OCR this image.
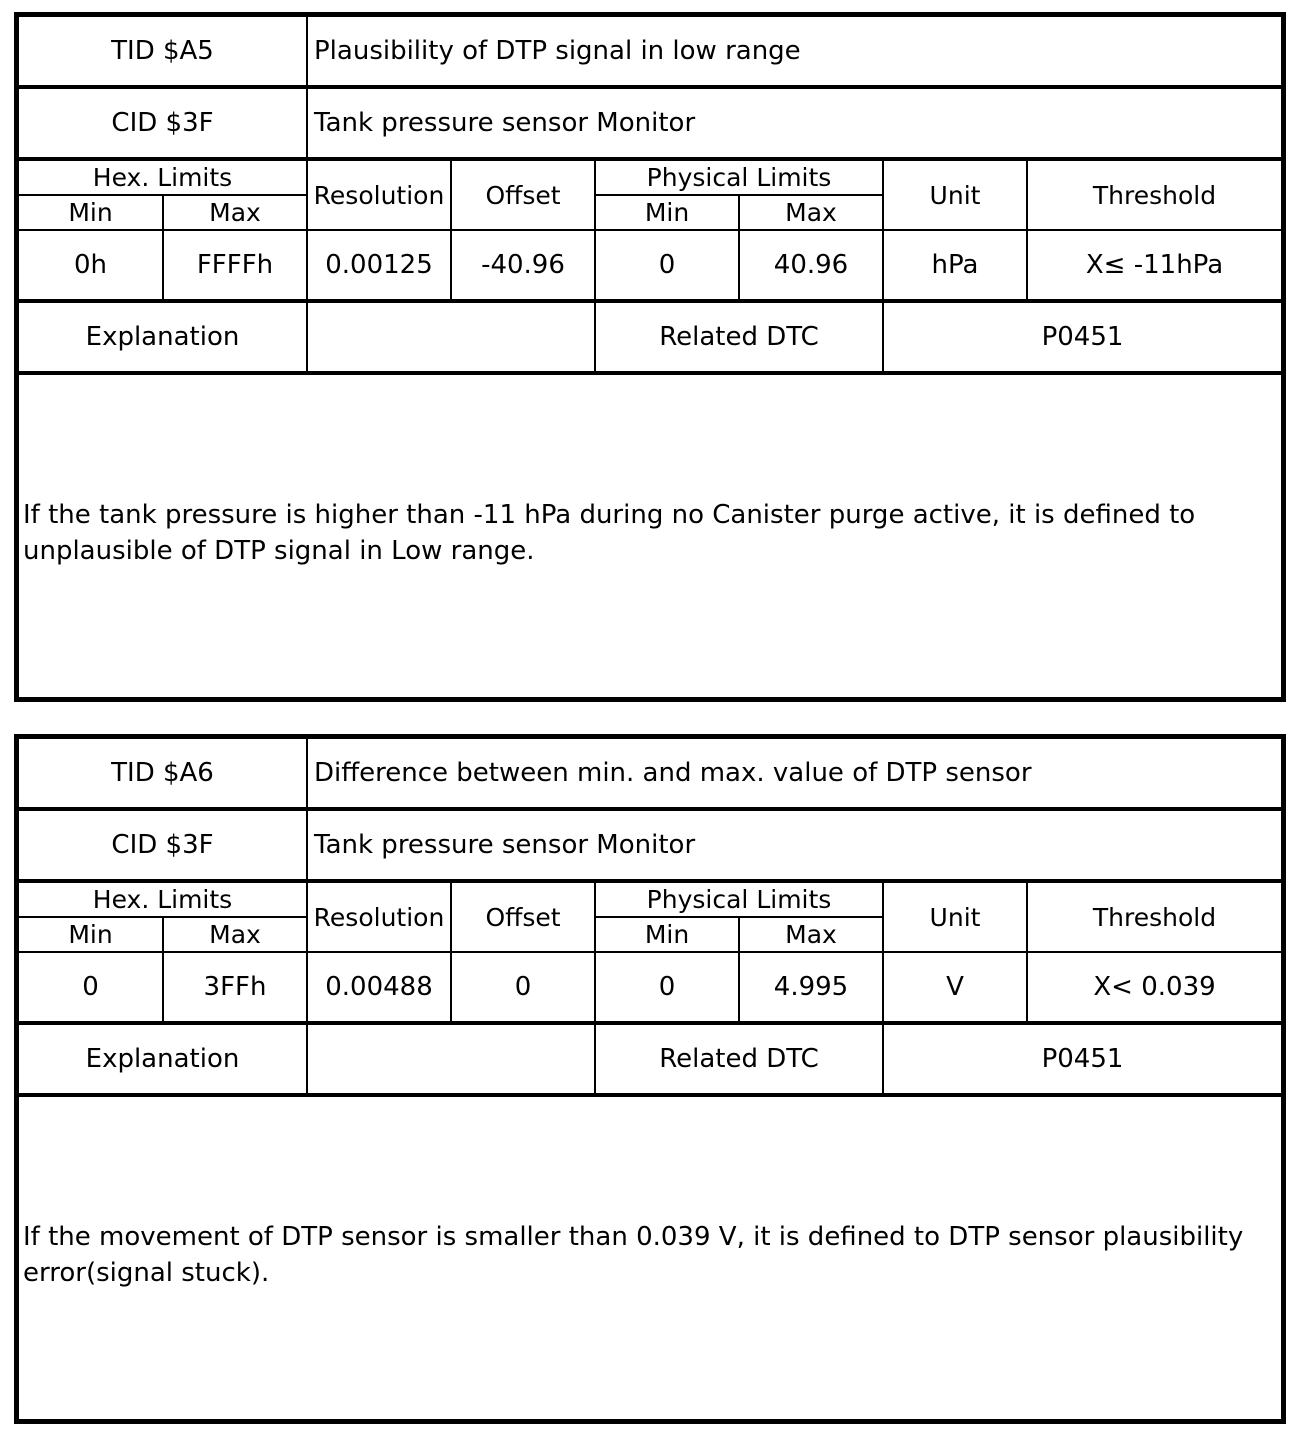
TID $A5		Plausibility of DTP signal in low range					
CID $3F		Tank pressure sensor Monitor					
Hex. Limits		Resolution	Offset	Physical Limits		Unit	Threshold
Min	Max			Min	Max		
0h	FFFFh	0.00125	-40.96	0	40.96	hPa	X≤ -11hPa
Explanation				Related DTC		P0451	
If the tank pressure is higher than -11 hPa during no Canister purge active, it is defined to unplausible of DTP signal in Low range.
TID $A6		Difference between min. and max. value of DTP sensor					
CID $3F		Tank pressure sensor Monitor					
Hex. Limits		Resolution	Offset	Physical Limits		Unit	Threshold
Min	Max			Min	Max		
0	3FFh	0.00488	0	0	4.995	V	X< 0.039
Explanation				Related DTC		P0451	
If the movement of DTP sensor is smaller than 0.039 V, it is defined to DTP sensor plausibility error(signal stuck).
